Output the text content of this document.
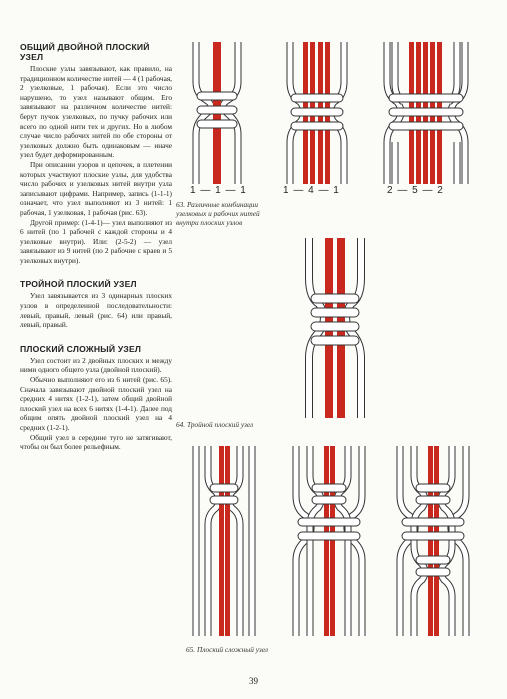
ОБЩИЙ ДВОЙНОЙ ПЛОСКИЙ УЗЕЛ

Плоские узлы завязывают, как правило, на традиционном количестве нитей — 4 (1 рабочая, 2 узелковые, 1 рабочая). Если это число нарушено, то узел называют общим. Его завязывают на различном количестве нитей: берут пучок узелковых, по пучку рабочих или всего по одной нити тех и других. Но в любом случае число рабочих нитей по обе стороны от узелковых должно быть одинаковым — иначе узел будет деформированным.

При описании узоров и цепочек, в плетении которых участвуют плоские узлы, для удобства число рабочих и узелковых нитей внутри узла записывают цифрами. Например, запись (1-1-1) означает, что узел выполняют из 3 нитей: 1 рабочая, 1 узелковая, 1 рабочая (рис. 63).

Другой пример: (1-4-1)— узел выполняют из 6 нитей (по 1 рабочей с каждой стороны и 4 узелковые внутри). Или: (2-5-2) — узел завязывают из 9 нитей (по 2 рабочие с краев и 5 узелковых внутри).

ТРОЙНОЙ ПЛОСКИЙ УЗЕЛ

Узел завязывается из 3 одинарных плоских узлов в определенной последовательности: левый, правый, левый (рис. 64) или правый, левый, правый.

ПЛОСКИЙ СЛОЖНЫЙ УЗЕЛ

Узел состоит из 2 двойных плоских и между ними одного общего узла (двойной плоский).

Обычно выполняют его из 6 нитей (рис. 65). Сначала завязывают двойной плоский узел на средних 4 нитях (1-2-1), затем общий двойной плоский узел на всех 6 нитях (1-4-1). Далее под общим опять двойной плоский узел на 4 средних (1-2-1).

Общий узел в середине туго не затягивают, чтобы он был более рельефным.

1 — 1 — 1	1 — 4 — 1	2 — 5 — 2
63. Различные комбинации узелковых и рабочих нитей внутри плоских узлов
64. Тройной плоский узел
65. Плоский сложный узел
39
